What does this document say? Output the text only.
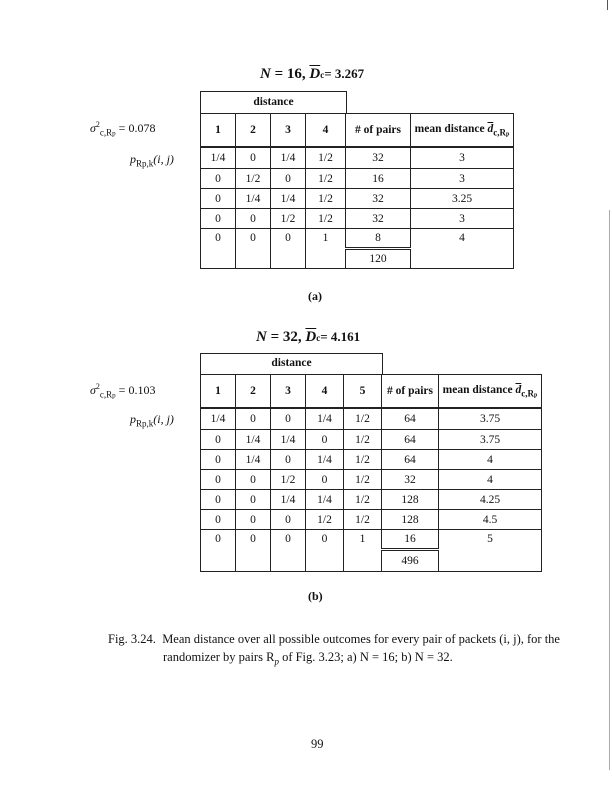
N = 16, $\overline{D}c= 3.267$
distance
$\sigma^2_{c,Rp} = 0.078$
$p_{Rp,k}(i$, j)
1	2	3	4	# of pairs	mean distance $\overline{d}_{c,Rp}$
1/4	0	1/4	1/2	32	3
0	1/2	0	1/2	16	3
0	1/4	1/4	1/2	32	3.25
0	0	1/2	1/2	32	3
0	0	0	1	8	4
				120	
(a)
N = 32, $\overline{D}c= 4.161$
distance
$\sigma^2_{c,Rp} = 0.103$
$p_{Rp,k}(i$, j)
1	2	3	4	5	# of pairs	mean distance $\overline{d}_{c,Rp}$
1/4	0	0	1/4	1/2	64	3.75
0	1/4	1/4	0	1/2	64	3.75
0	1/4	0	1/4	1/2	64	4
0	0	1/2	0	1/2	32	4
0	0	1/4	1/4	1/2	128	4.25
0	0	0	1/2	1/2	128	4.5
0	0	0	0	1	16	5
					496	
(b)
Fig. 3.24. Mean distance over all possible outcomes for every pair of packets (i, j), for the
randomizer by pairs $R_p$ of Fig. 3.23; a) N = 16; b) N = 32.
99
